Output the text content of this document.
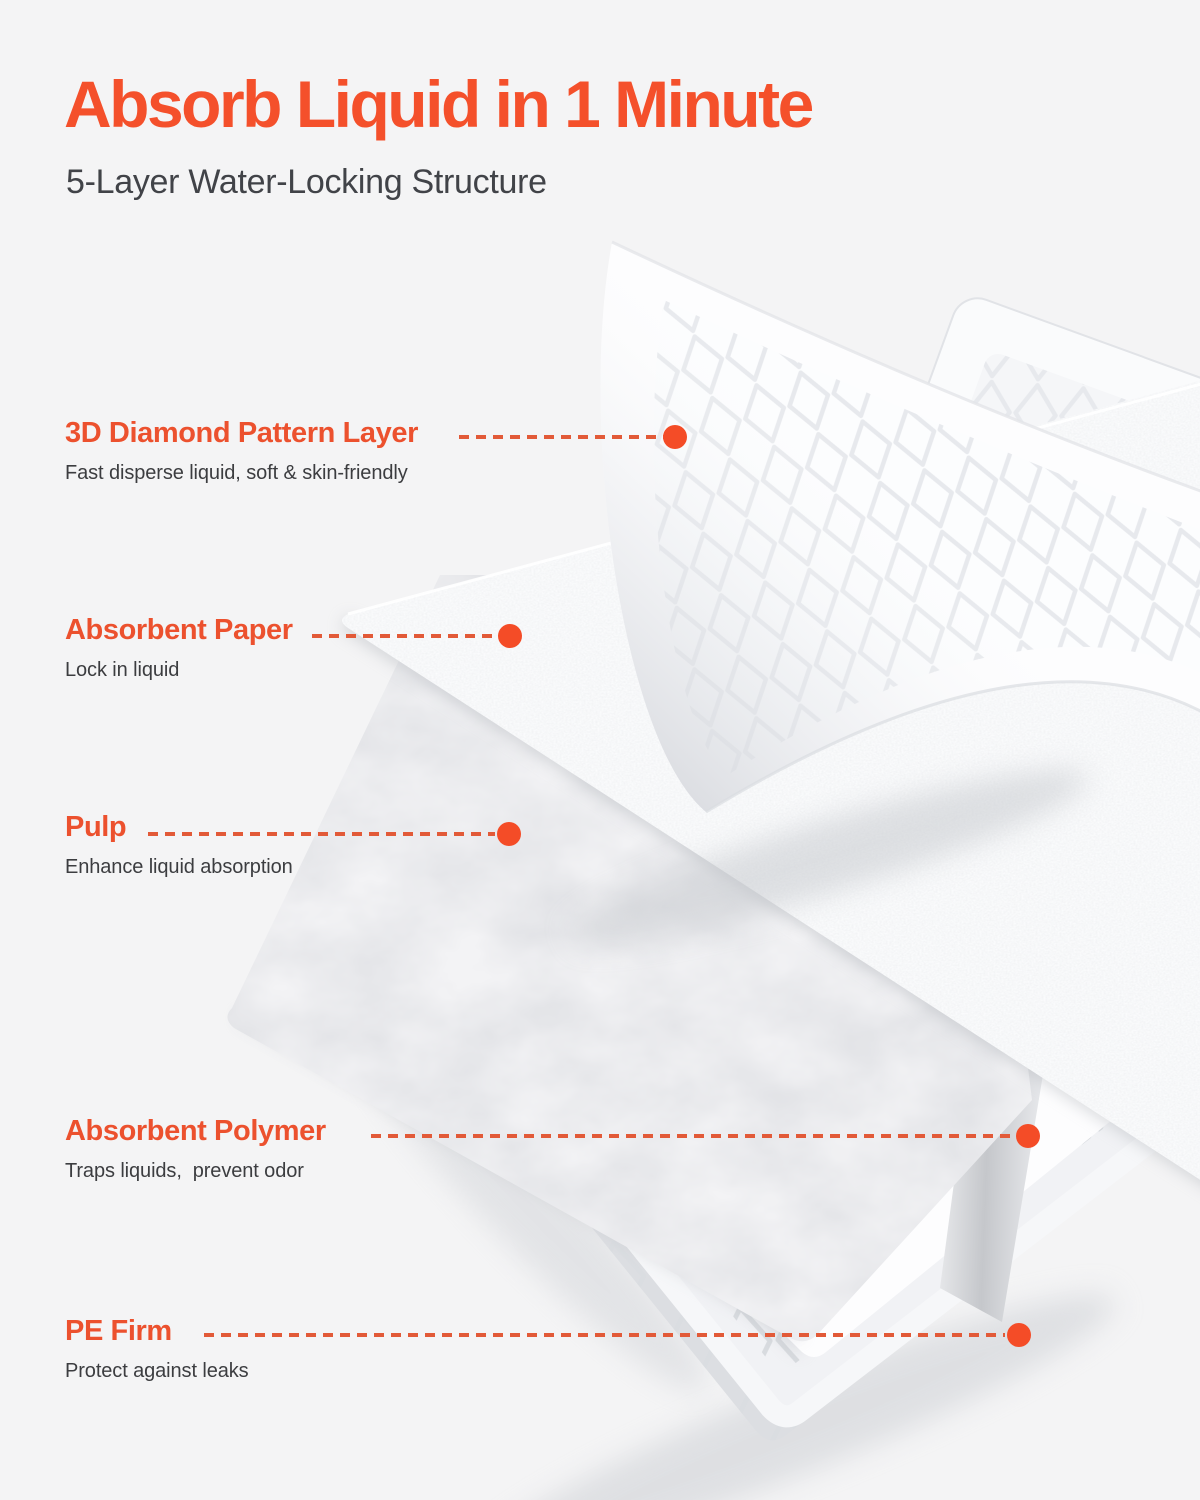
Absorb Liquid in 1 Minute

5-Layer Water-Locking Structure

3D Diamond Pattern Layer
Fast disperse liquid, soft & skin-friendly
Absorbent Paper
Lock in liquid
Pulp
Enhance liquid absorption
Absorbent Polymer
Traps liquids,  prevent odor
PE Firm
Protect against leaks
